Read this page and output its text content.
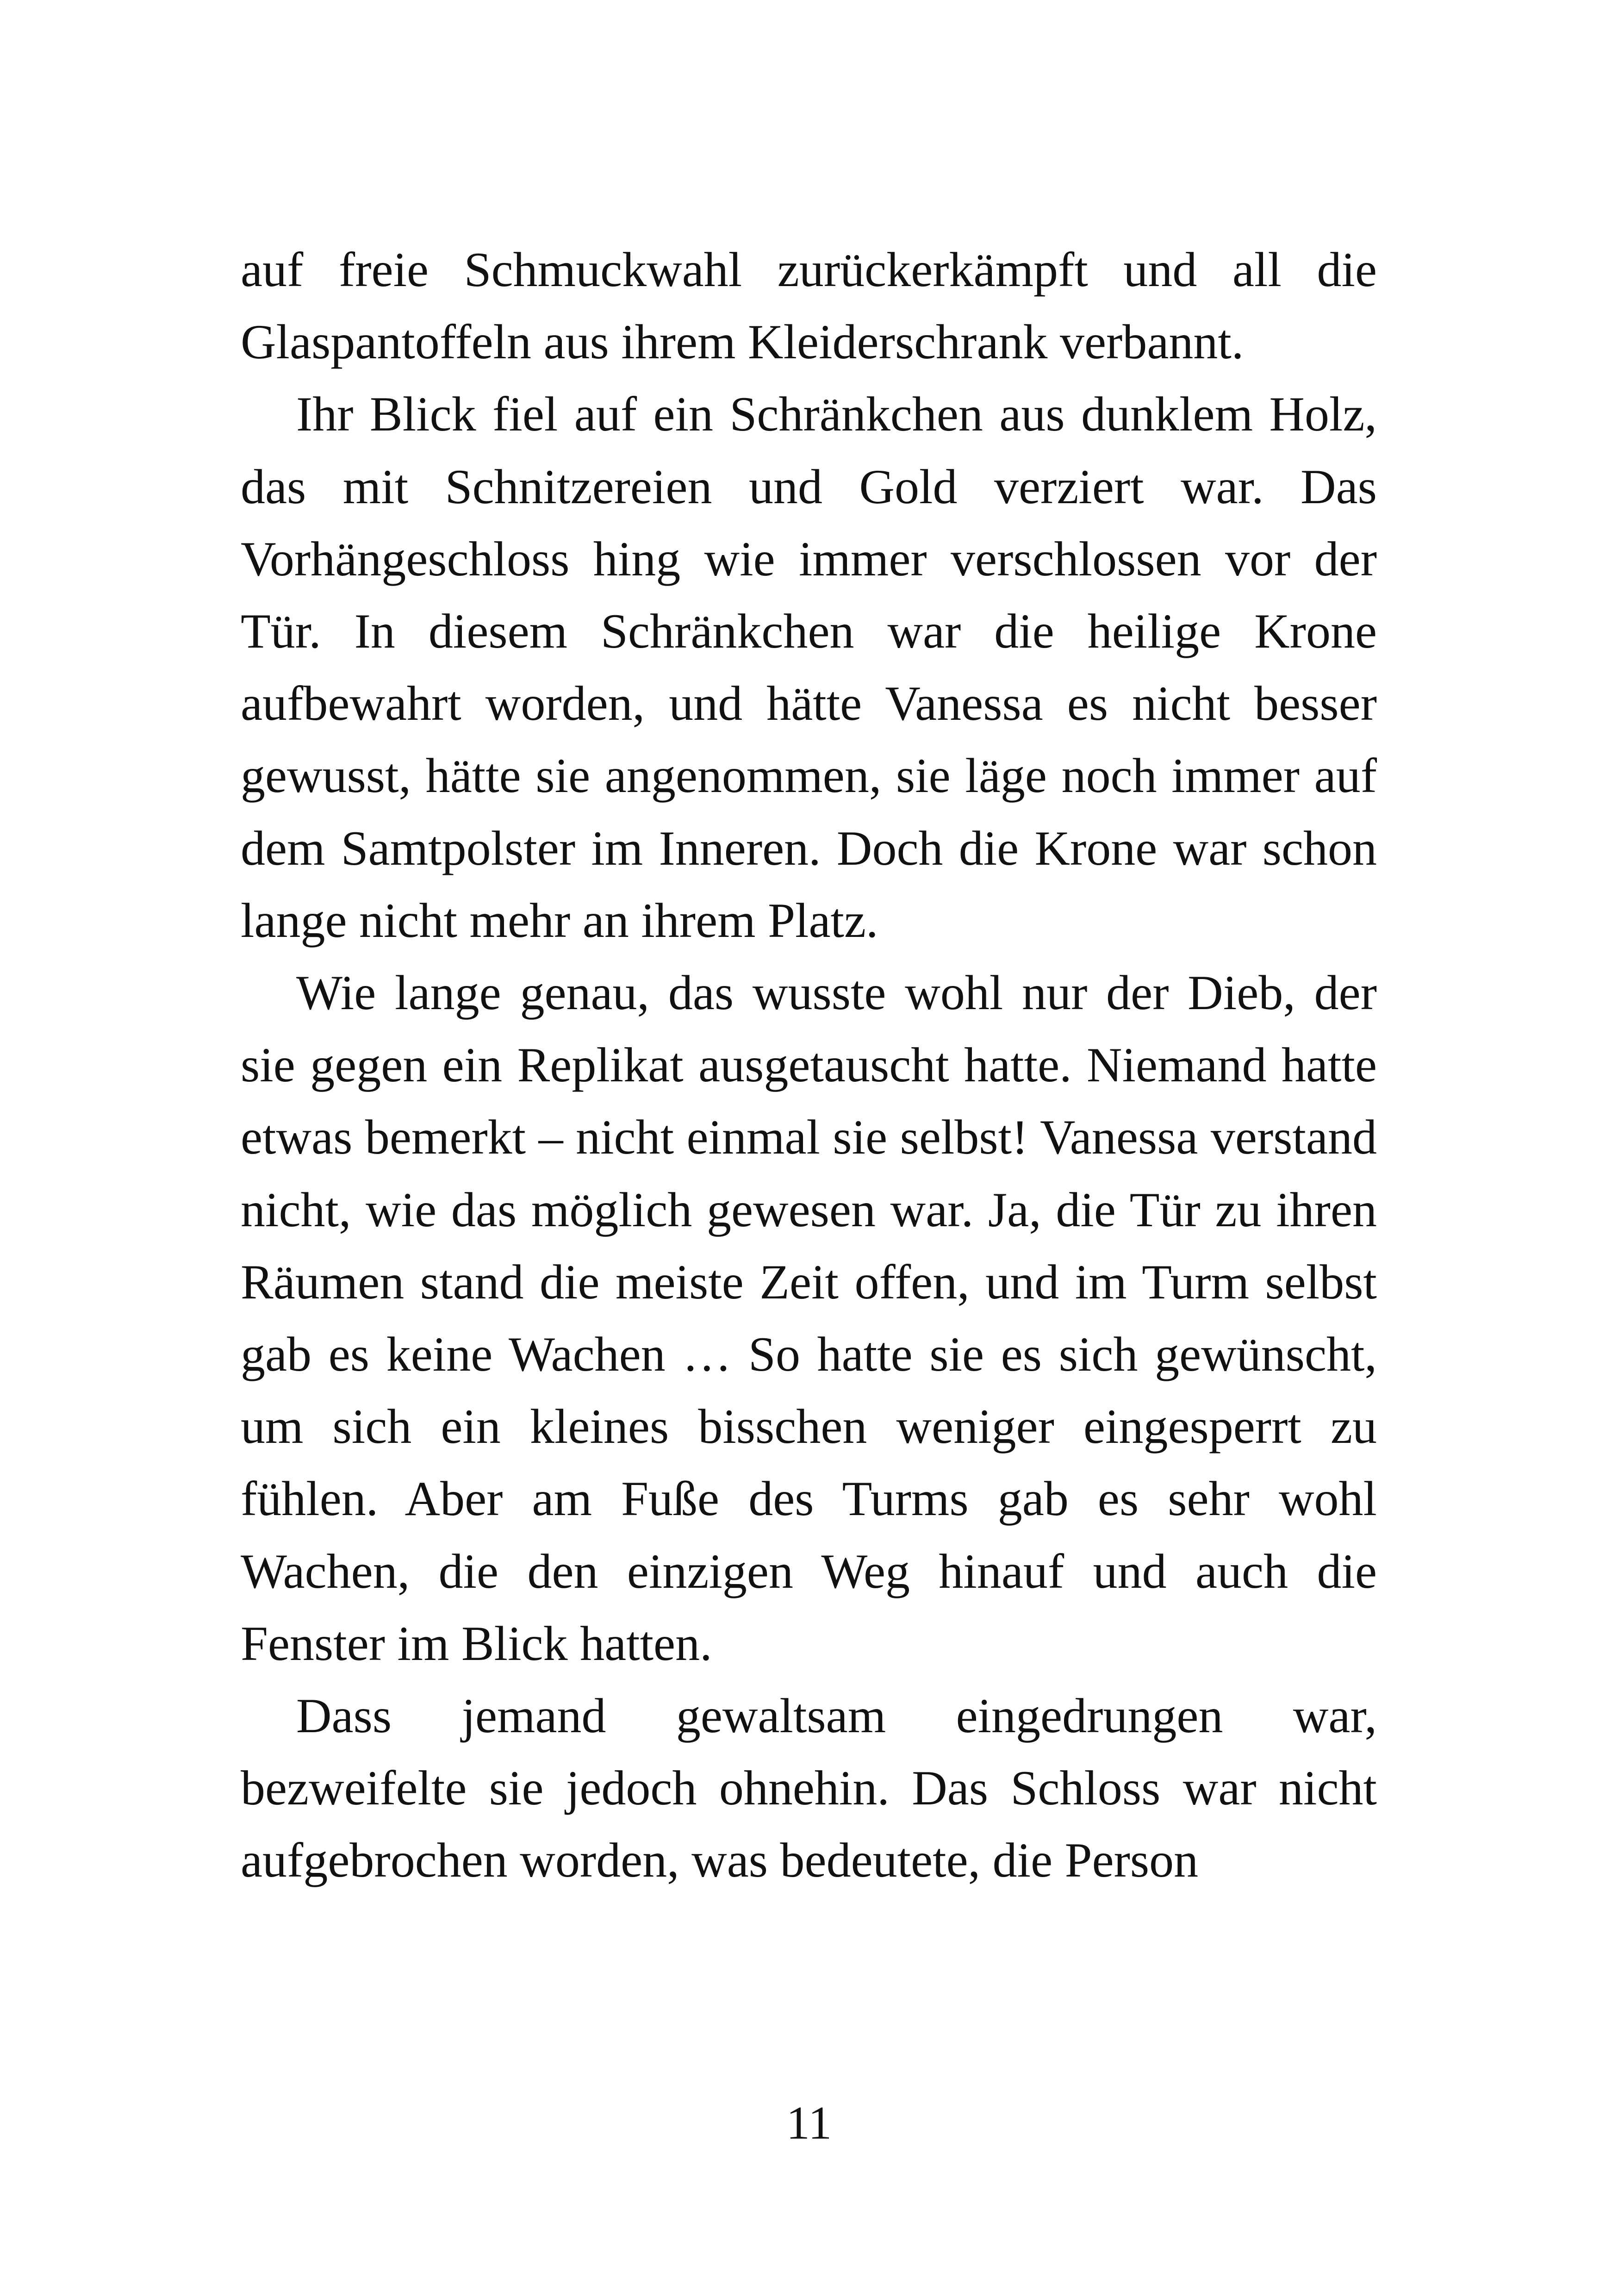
auf freie Schmuckwahl zurückerkämpft und all die Glaspantoffeln aus ihrem Kleiderschrank verbannt.

Ihr Blick fiel auf ein Schränkchen aus dunklem Holz, das mit Schnitzereien und Gold verziert war. Das Vorhängeschloss hing wie immer verschlossen vor der Tür. In diesem Schränkchen war die heilige Krone aufbewahrt worden, und hätte Vanessa es nicht besser gewusst, hätte sie angenommen, sie läge noch immer auf dem Samtpolster im Inneren. Doch die Krone war schon lange nicht mehr an ihrem Platz.

Wie lange genau, das wusste wohl nur der Dieb, der sie gegen ein Replikat ausgetauscht hatte. Niemand hatte etwas bemerkt – nicht einmal sie selbst! Vanessa verstand nicht, wie das möglich gewesen war. Ja, die Tür zu ihren Räumen stand die meiste Zeit offen, und im Turm selbst gab es keine Wachen … So hatte sie es sich gewünscht, um sich ein kleines bisschen weniger eingesperrt zu fühlen. Aber am Fuße des Turms gab es sehr wohl Wachen, die den einzigen Weg hinauf und auch die Fenster im Blick hatten.

Dass jemand gewaltsam eingedrungen war, bezweifelte sie jedoch ohnehin. Das Schloss war nicht aufgebrochen worden, was bedeutete, die Person

11
